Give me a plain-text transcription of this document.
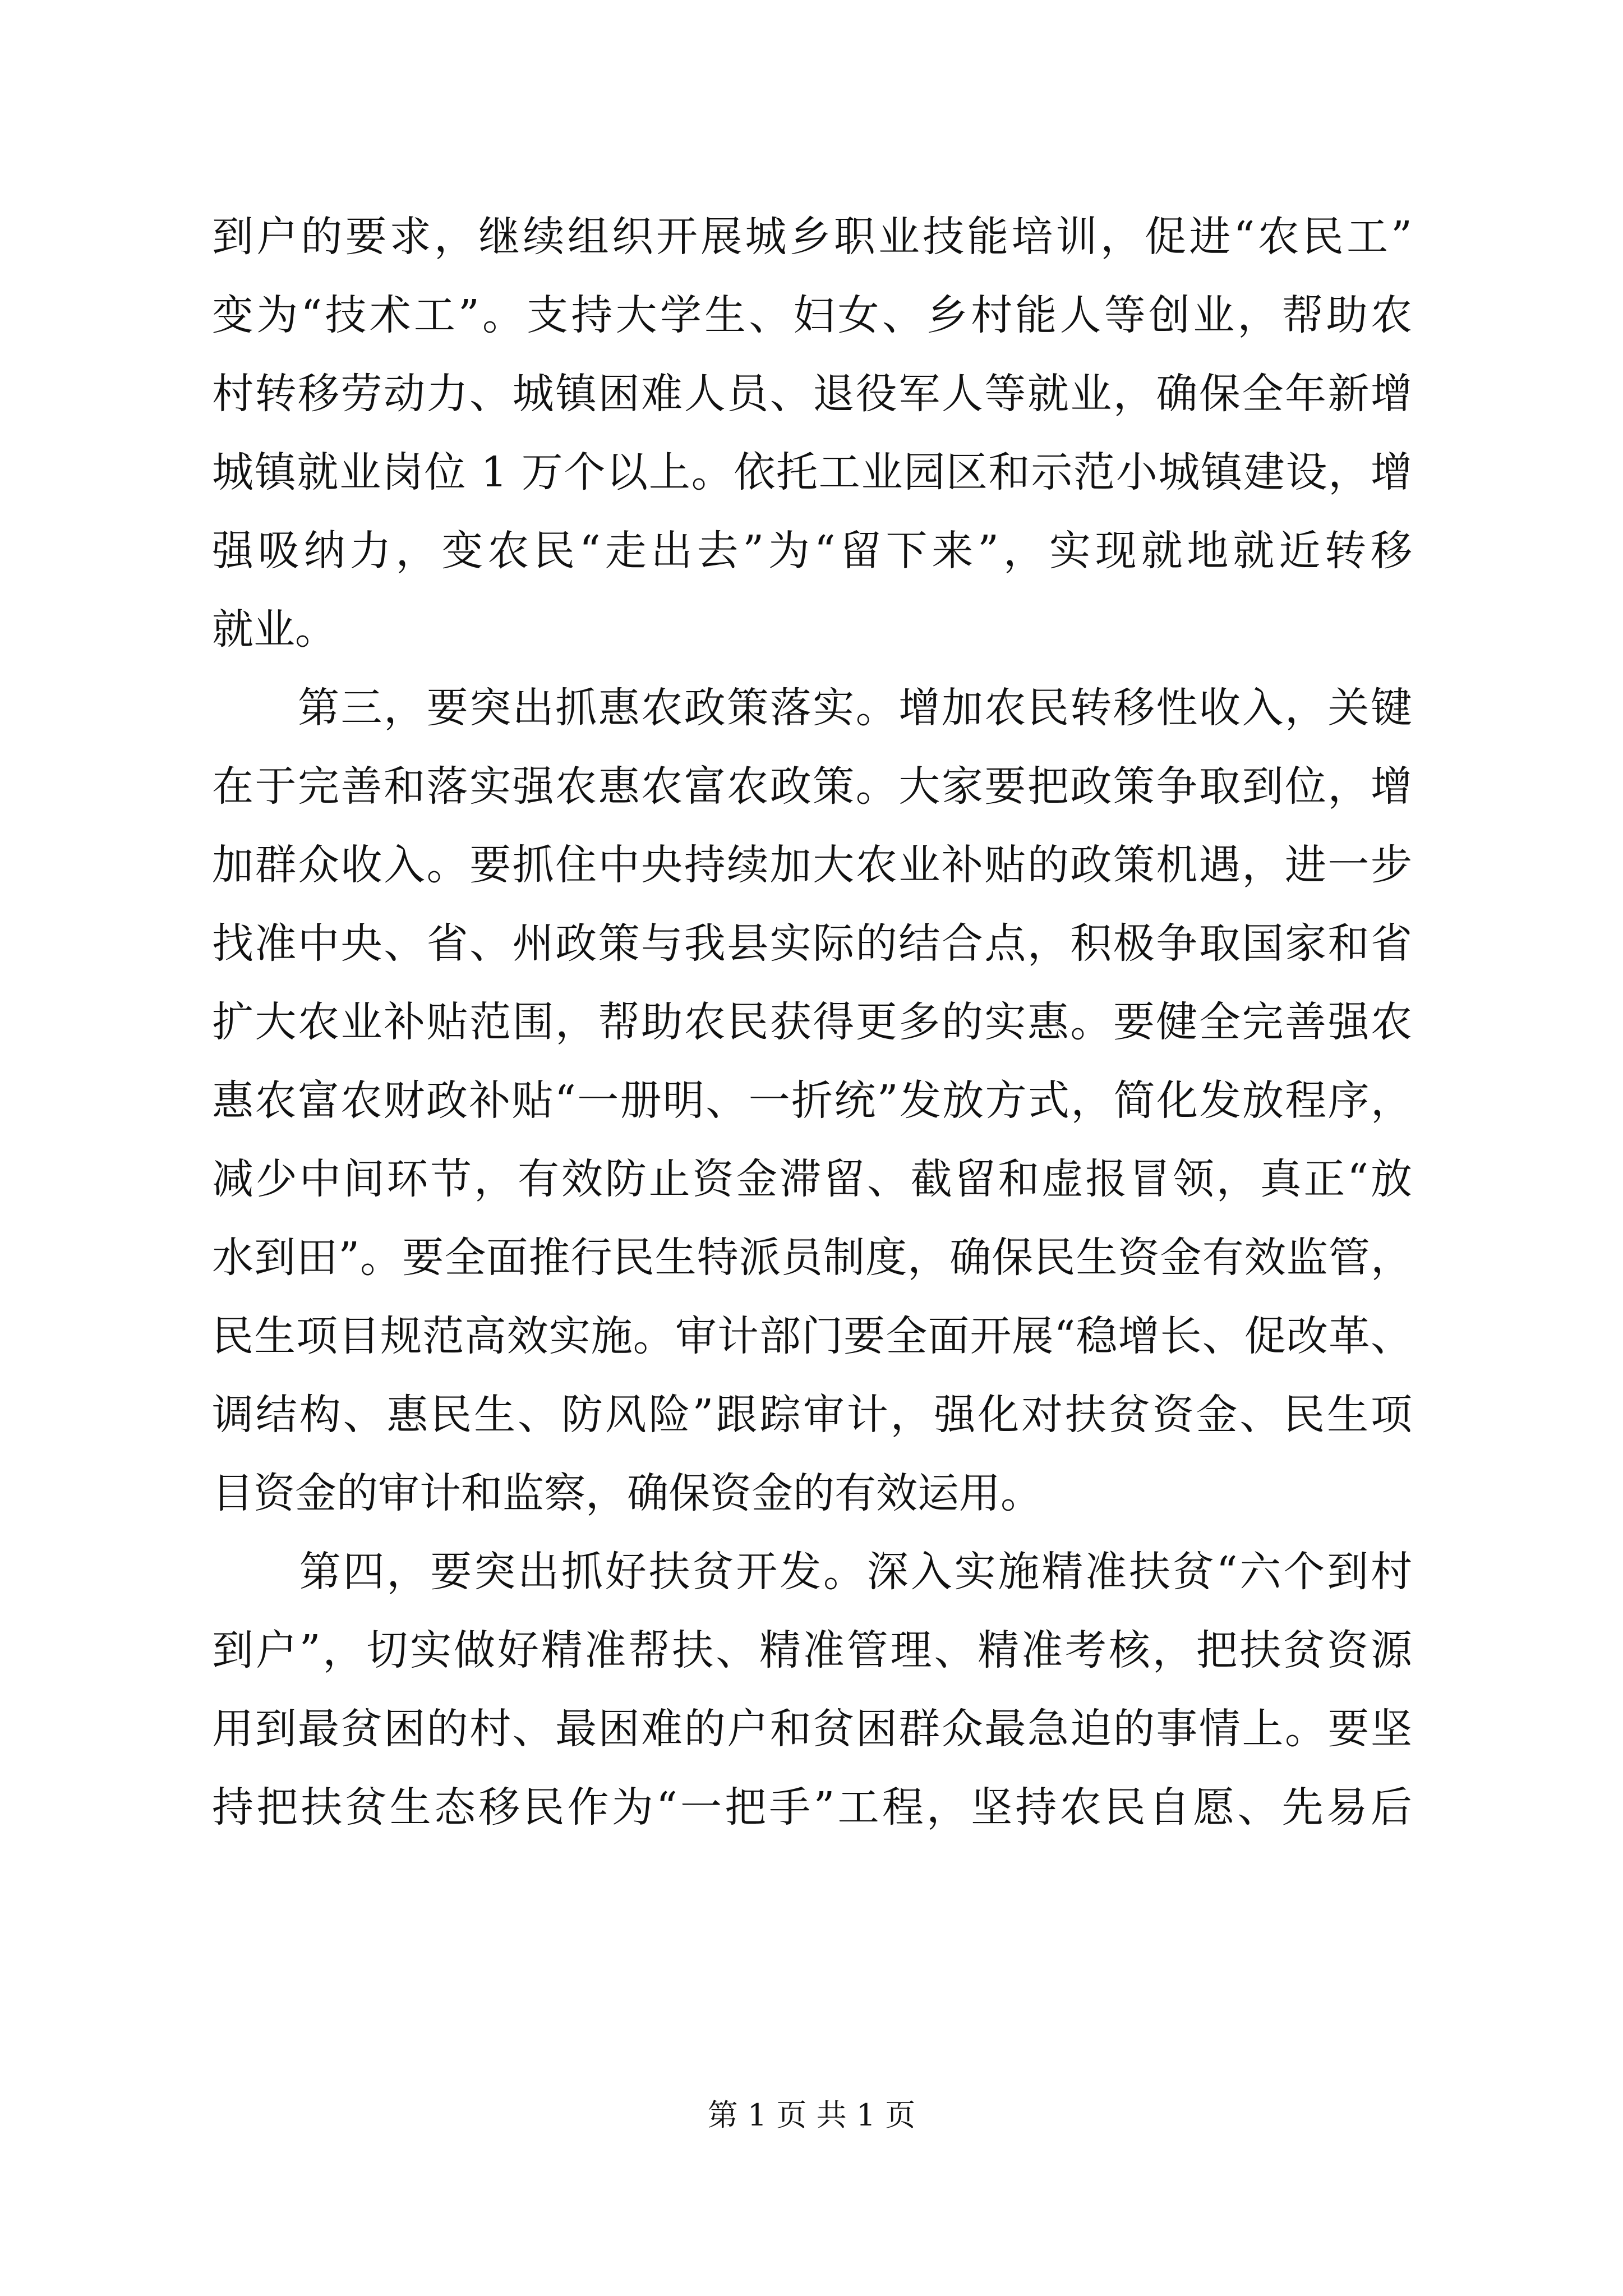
到户的要求，继续组织开展城乡职业技能培训，促进“农民工”
变为“技术工”。支持大学生、妇女、乡村能人等创业，帮助农
村转移劳动力、城镇困难人员、退役军人等就业，确保全年新增
城镇就业岗位 1 万个以上。依托工业园区和示范小城镇建设，增
强吸纳力，变农民“走出去”为“留下来”，实现就地就近转移
就业。
　　第三，要突出抓惠农政策落实。增加农民转移性收入，关键
在于完善和落实强农惠农富农政策。大家要把政策争取到位，增
加群众收入。要抓住中央持续加大农业补贴的政策机遇，进一步
找准中央、省、州政策与我县实际的结合点，积极争取国家和省
扩大农业补贴范围，帮助农民获得更多的实惠。要健全完善强农
惠农富农财政补贴“一册明、一折统”发放方式，简化发放程序，
减少中间环节，有效防止资金滞留、截留和虚报冒领，真正“放
水到田”。要全面推行民生特派员制度，确保民生资金有效监管，
民生项目规范高效实施。审计部门要全面开展“稳增长、促改革、
调结构、惠民生、防风险”跟踪审计，强化对扶贫资金、民生项
目资金的审计和监察，确保资金的有效运用。
　　第四，要突出抓好扶贫开发。深入实施精准扶贫“六个到村
到户”，切实做好精准帮扶、精准管理、精准考核，把扶贫资源
用到最贫困的村、最困难的户和贫困群众最急迫的事情上。要坚
持把扶贫生态移民作为“一把手”工程，坚持农民自愿、先易后
第 1 页 共 1 页
